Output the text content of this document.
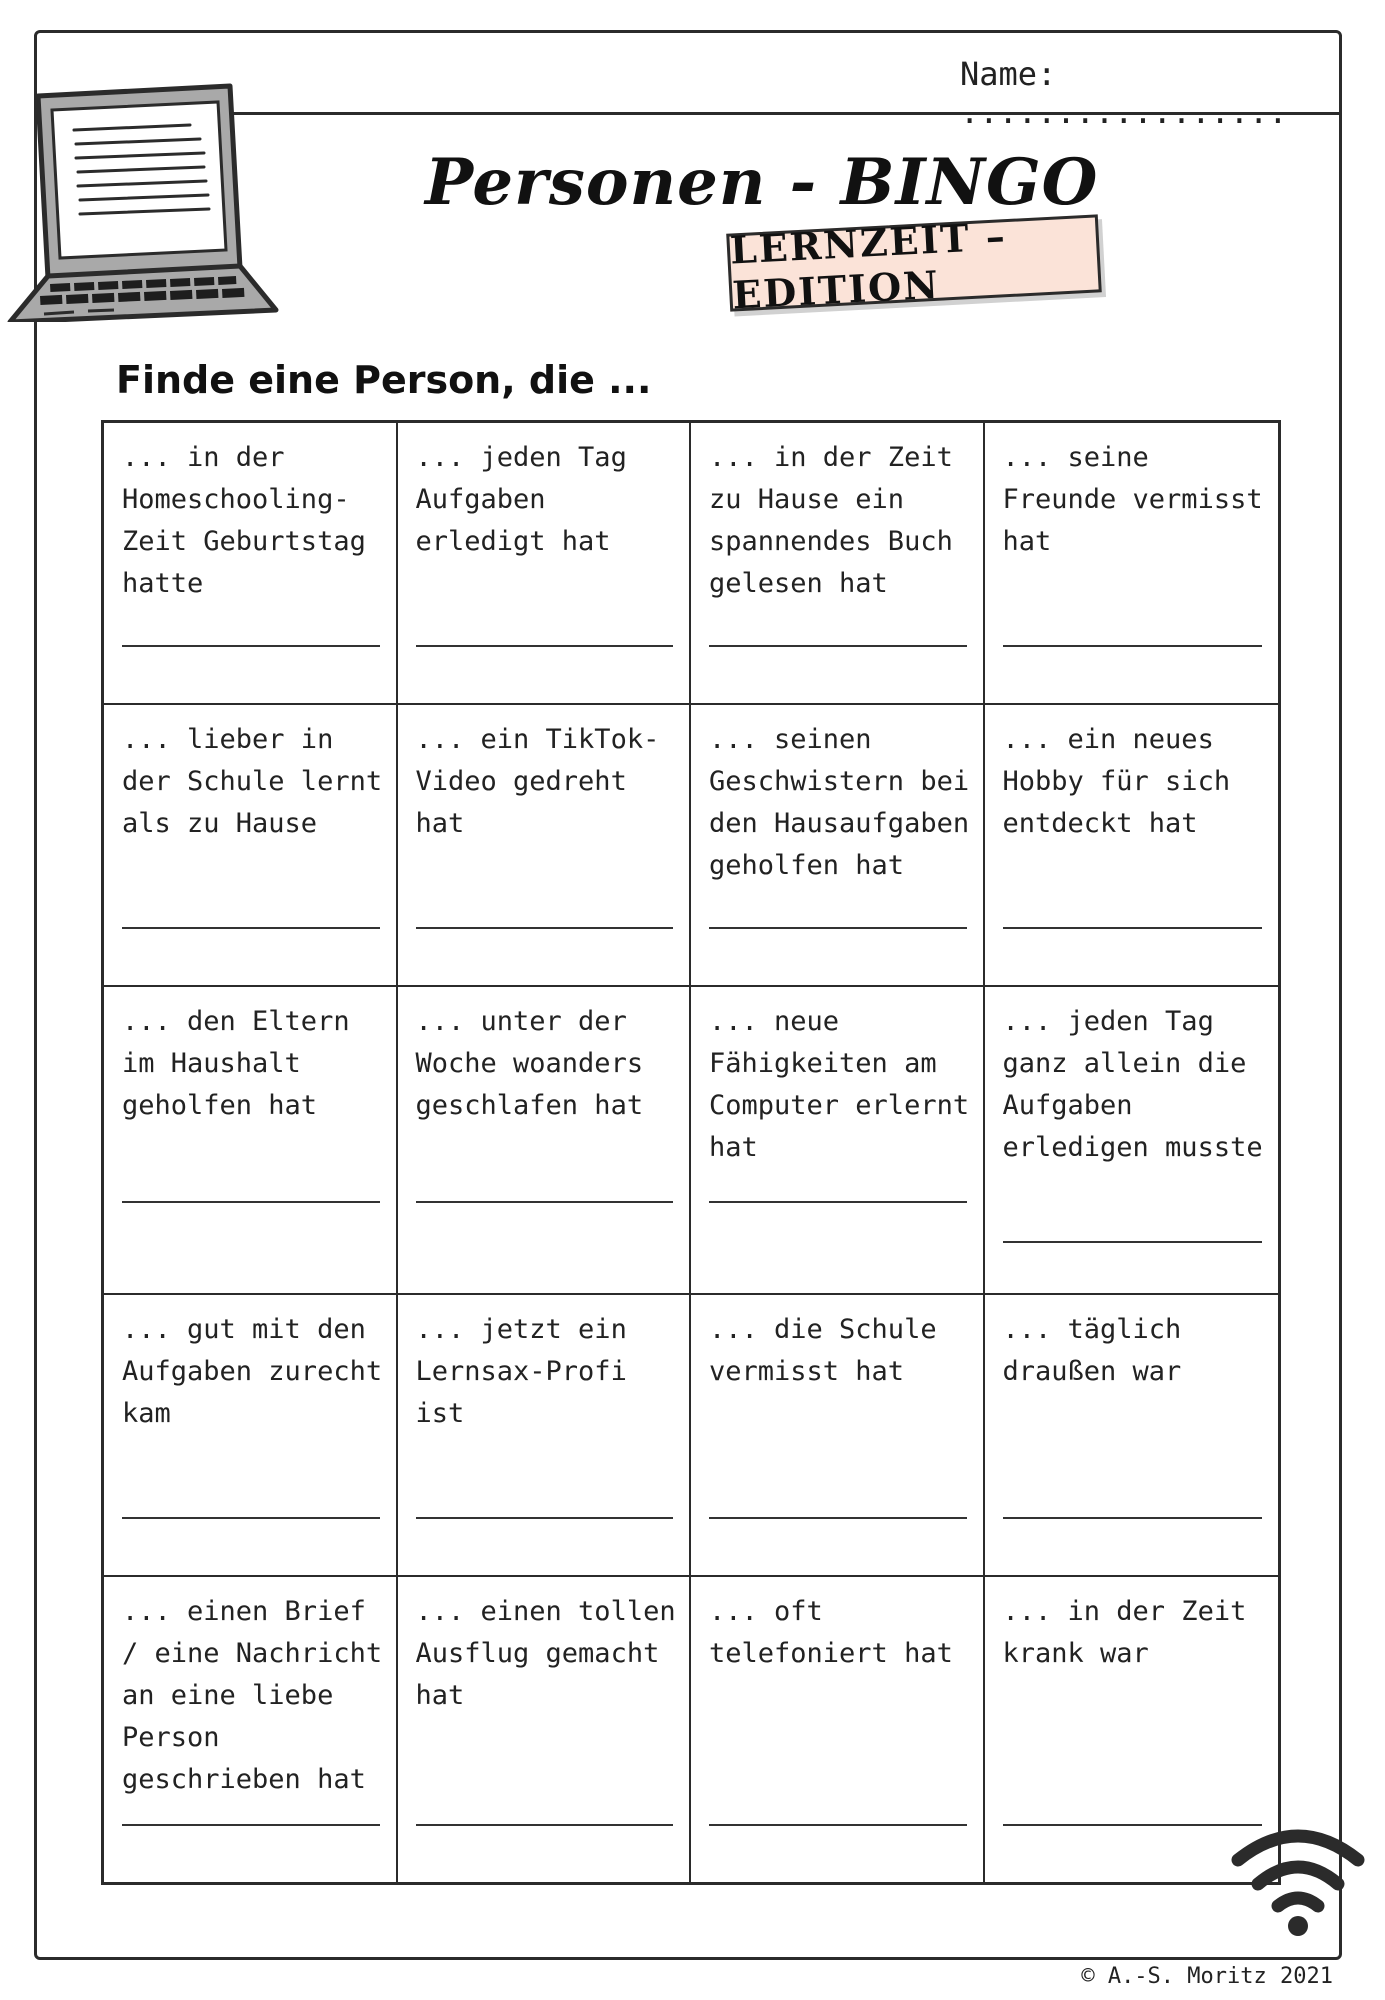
Name: .................
Personen - BINGO
LERNZEIT – EDITION
Finde eine Person, die ...
... in der Homeschooling-Zeit Geburtstag hatte
... jeden Tag Aufgaben erledigt hat
... in der Zeit zu Hause ein spannendes Buch gelesen hat
... seine Freunde vermisst hat
... lieber in der Schule lernt als zu Hause
... ein TikTok-Video gedreht hat
... seinen Geschwistern bei den Hausaufgaben geholfen hat
... ein neues Hobby für sich entdeckt hat
... den Eltern im Haushalt geholfen hat
... unter der Woche woanders geschlafen hat
... neue Fähigkeiten am Computer erlernt hat
... jeden Tag ganz allein die Aufgaben erledigen musste
... gut mit den Aufgaben zurecht kam
... jetzt ein Lernsax-Profi ist
... die Schule vermisst hat
... täglich draußen war
... einen Brief / eine Nachricht an eine liebe Person geschrieben hat
... einen tollen Ausflug gemacht hat
... oft telefoniert hat
... in der Zeit krank war
© A.-S. Moritz 2021
